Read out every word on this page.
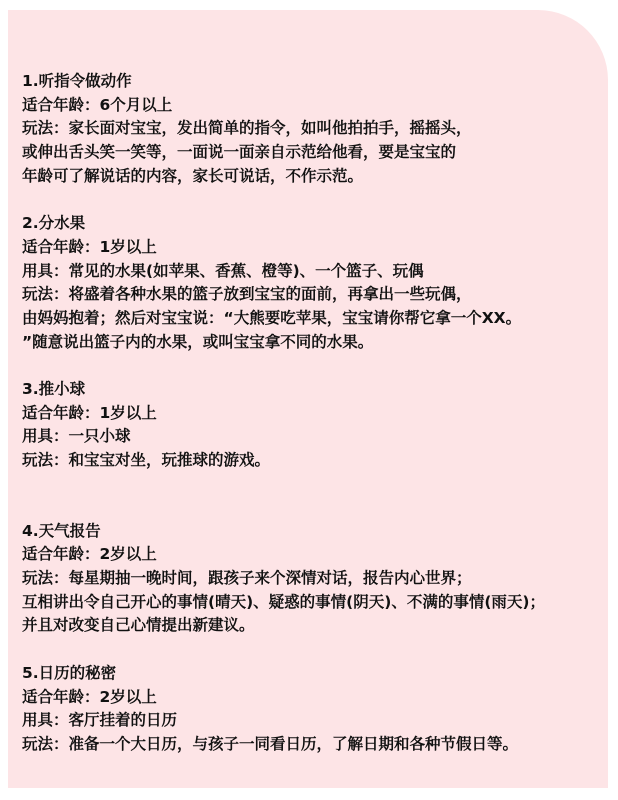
1.听指令做动作
适合年龄：6个月以上
玩法：家长面对宝宝，发出简单的指令，如叫他拍拍手，摇摇头，
或伸出舌头笑一笑等，一面说一面亲自示范给他看，要是宝宝的
年龄可了解说话的内容，家长可说话，不作示范。
2.分水果
适合年龄：1岁以上
用具：常见的水果(如苹果、香蕉、橙等)、一个篮子、玩偶
玩法：将盛着各种水果的篮子放到宝宝的面前，再拿出一些玩偶，
由妈妈抱着；然后对宝宝说：“大熊要吃苹果，宝宝请你帮它拿一个XX。
”随意说出篮子内的水果，或叫宝宝拿不同的水果。
3.推小球
适合年龄：1岁以上
用具：一只小球
玩法：和宝宝对坐，玩推球的游戏。
4.天气报告
适合年龄：2岁以上
玩法：每星期抽一晚时间，跟孩子来个深情对话，报告内心世界；
互相讲出令自己开心的事情(晴天)、疑惑的事情(阴天)、不满的事情(雨天)；
并且对改变自己心情提出新建议。
5.日历的秘密
适合年龄：2岁以上
用具：客厅挂着的日历
玩法：准备一个大日历，与孩子一同看日历，了解日期和各种节假日等。
